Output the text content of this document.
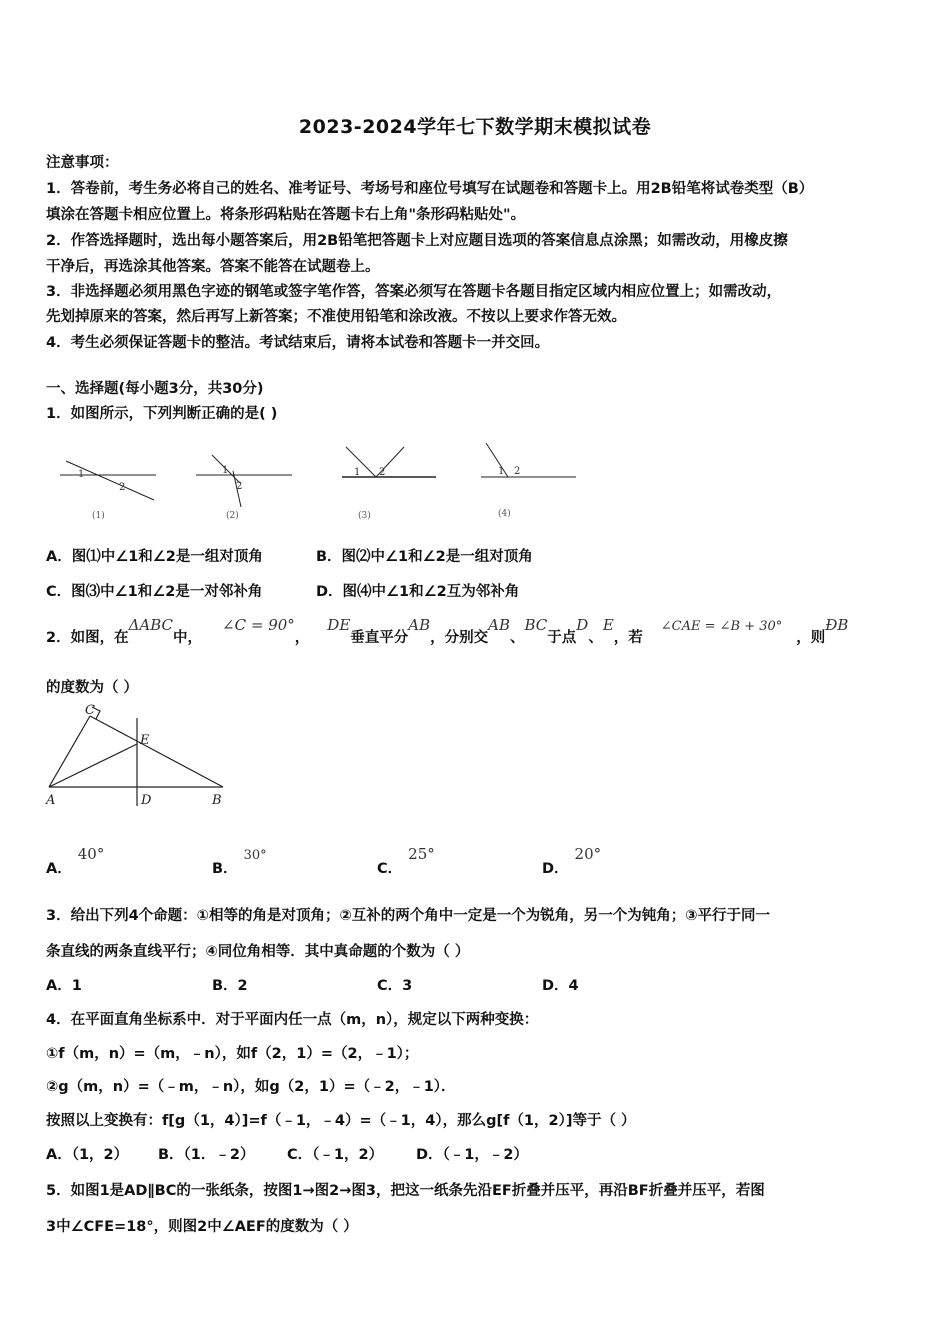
2023-2024学年七下数学期末模拟试卷
注意事项：
1．答卷前，考生务必将自己的姓名、准考证号、考场号和座位号填写在试题卷和答题卡上。用2B铅笔将试卷类型（B）
填涂在答题卡相应位置上。将条形码粘贴在答题卡右上角"条形码粘贴处"。
2．作答选择题时，选出每小题答案后，用2B铅笔把答题卡上对应题目选项的答案信息点涂黑；如需改动，用橡皮擦
干净后，再选涂其他答案。答案不能答在试题卷上。
3．非选择题必须用黑色字迹的钢笔或签字笔作答，答案必须写在答题卡各题目指定区域内相应位置上；如需改动，
先划掉原来的答案，然后再写上新答案；不准使用铅笔和涂改液。不按以上要求作答无效。
4．考生必须保证答题卡的整洁。考试结束后，请将本试卷和答题卡一并交回。
一、选择题(每小题3分，共30分)
1．如图所示，下列判断正确的是( )
1
2
(1)
1
2
(2)
1 2
(3)
1 2
(4)
A．图⑴中∠1和∠2是一组对顶角	B．图⑵中∠1和∠2是一组对顶角
C．图⑶中∠1和∠2是一对邻补角	D．图⑷中∠1和∠2互为邻补角
2．如图，在ΔABC中，∠C = 90°，DE垂直平分AB，分别交AB、BC于点D、E，若∠CAE = ∠B + 30°，则ÐB
的度数为（ ）
C
E
A	D	B
A．40°
B．30°
C．25°
D．20°
3．给出下列4个命题：①相等的角是对顶角；②互补的两个角中一定是一个为锐角，另一个为钝角；③平行于同一
条直线的两条直线平行；④同位角相等．其中真命题的个数为（ ）
A．1	B．2	C．3	D．4
4．在平面直角坐标系中．对于平面内任一点（m，n），规定以下两种变换：
①f（m，n）=（m，﹣n），如f（2，1）=（2，﹣1）；
②g（m，n）=（﹣m，﹣n），如g（2，1）=（﹣2，﹣1）．
按照以上变换有：f[g（1，4）]=f（﹣1，﹣4）=（﹣1，4），那么g[f（1，2）]等于（ ）
A．（1，2） B．（1．﹣2） C．（﹣1，2） D．（﹣1，﹣2）
5．如图1是AD∥BC的一张纸条，按图1→图2→图3，把这一纸条先沿EF折叠并压平，再沿BF折叠并压平，若图
3中∠CFE=18°，则图2中∠AEF的度数为（ ）
